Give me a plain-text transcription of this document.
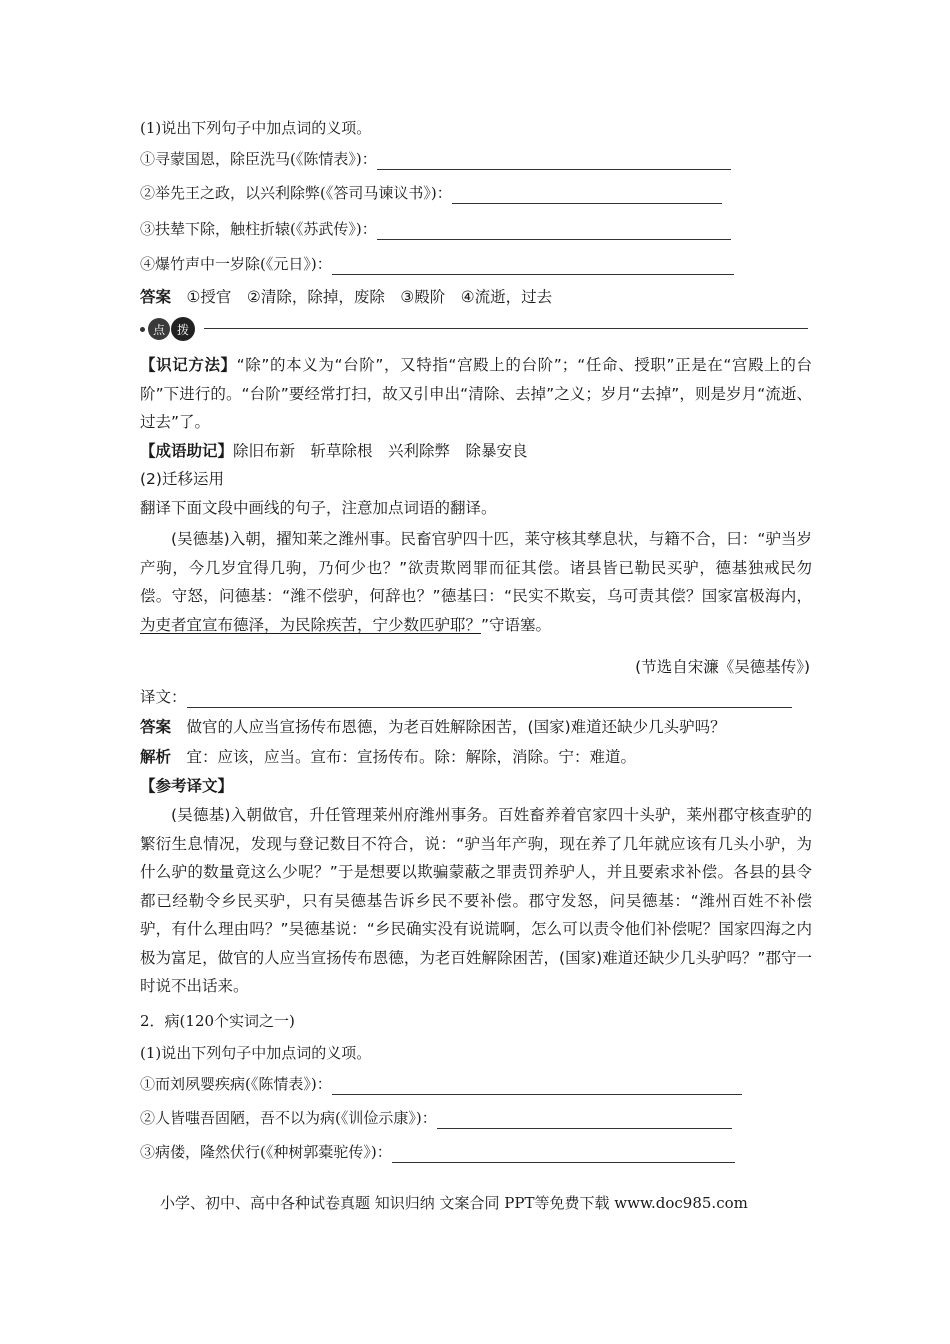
(1)说出下列句子中加点词的义项。
①寻蒙国恩，除臣洗马(《陈情表》)：
②举先王之政，以兴利除弊(《答司马谏议书》)：
③扶辇下除，触柱折辕(《苏武传》)：
④爆竹声中一岁除(《元日》)：
答案　 ①授官　②清除，除掉，废除　③殿阶　④流逝，过去
点 拨
【识记方法】“除”的本义为“台阶”，又特指“宫殿上的台阶”；“任命、授职”正是在“宫殿上的台阶”下进行的。“台阶”要经常打扫，故又引申出“清除、去掉”之义；岁月“去掉”，则是岁月“流逝、过去”了。
【成语助记】除旧布新　斩草除根　兴利除弊　除暴安良
(2)迁移运用
翻译下面文段中画线的句子，注意加点词语的翻译。
(吴德基)入朝，擢知莱之潍州事。民畜官驴四十匹，莱守核其孳息状，与籍不合，曰：“驴当岁产驹，今几岁宜得几驹，乃何少也？”欲责欺罔罪而征其偿。诸县皆已勒民买驴，德基独戒民勿偿。守怒，问德基：“潍不偿驴，何辞也？”德基曰：“民实不欺妄，乌可责其偿？国家富极海内，为吏者宜宣布德泽，为民除疾苦，宁少数匹驴耶？”守语塞。
(节选自宋濂《吴德基传》)
译文：
答案　 做官的人应当宣扬传布恩德，为老百姓解除困苦，(国家)难道还缺少几头驴吗？
解析　 宜：应该，应当。宣布：宣扬传布。除：解除，消除。宁：难道。
【参考译文】
(吴德基)入朝做官，升任管理莱州府潍州事务。百姓畜养着官家四十头驴，莱州郡守核查驴的繁衍生息情况，发现与登记数目不符合，说：“驴当年产驹，现在养了几年就应该有几头小驴，为什么驴的数量竟这么少呢？”于是想要以欺骗蒙蔽之罪责罚养驴人，并且要索求补偿。各县的县令都已经勒令乡民买驴，只有吴德基告诉乡民不要补偿。郡守发怒，问吴德基：“潍州百姓不补偿驴，有什么理由吗？”吴德基说：“乡民确实没有说谎啊，怎么可以责令他们补偿呢？国家四海之内极为富足，做官的人应当宣扬传布恩德，为老百姓解除困苦，(国家)难道还缺少几头驴吗？”郡守一时说不出话来。
2．病(120个实词之一)
(1)说出下列句子中加点词的义项。
①而刘夙婴疾病(《陈情表》)：
②人皆嗤吾固陋，吾不以为病(《训俭示康》)：
③病偻，隆然伏行(《种树郭橐驼传》)：
小学、初中、高中各种试卷真题 知识归纳 文案合同 PPT等免费下载 www.doc985.com
